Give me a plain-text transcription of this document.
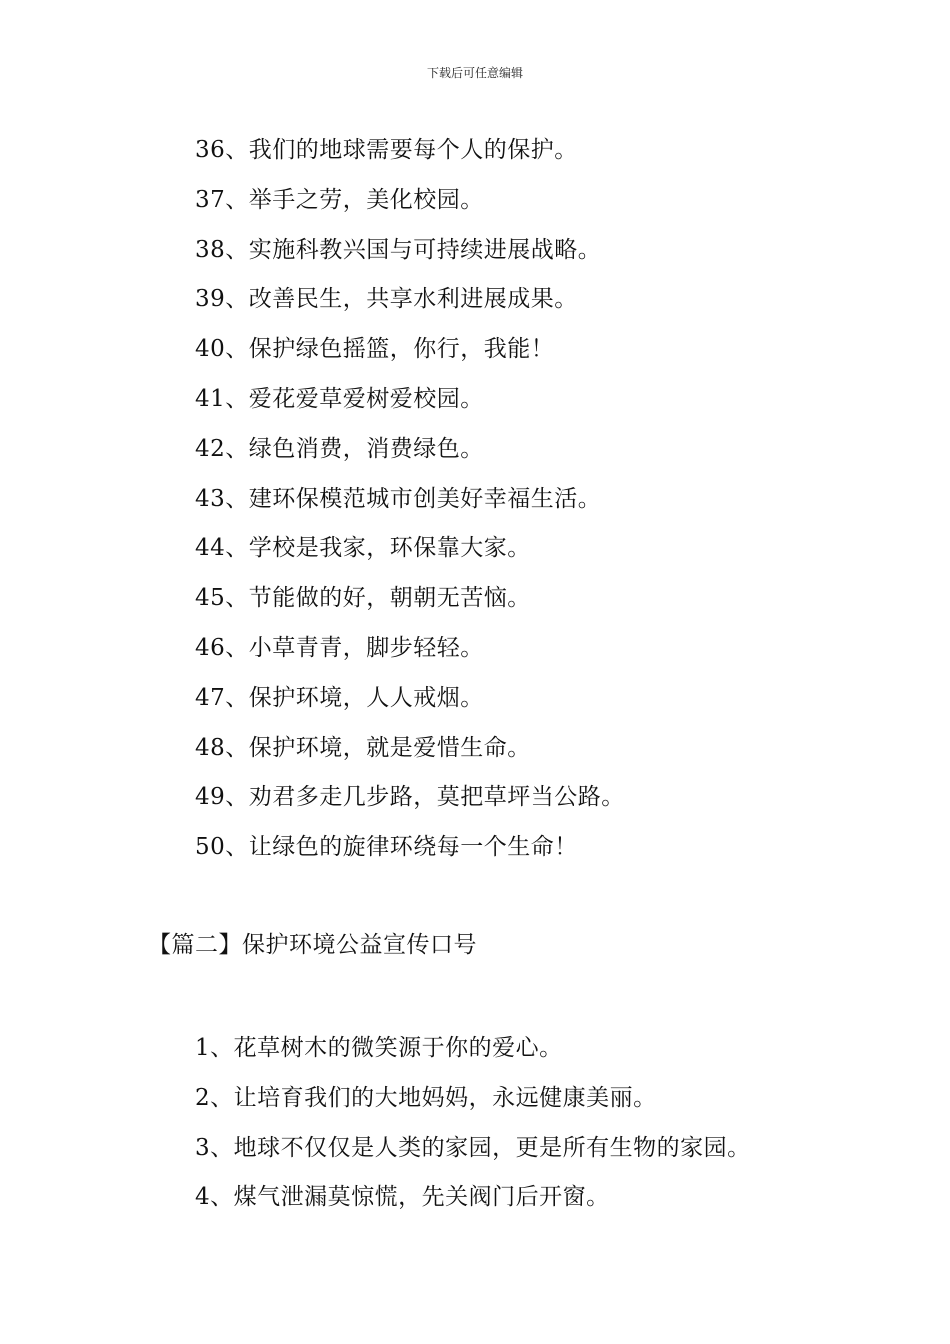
下载后可任意编辑
36、我们的地球需要每个人的保护。
37、举手之劳，美化校园。
38、实施科教兴国与可持续进展战略。
39、改善民生，共享水利进展成果。
40、保护绿色摇篮，你行，我能！
41、爱花爱草爱树爱校园。
42、绿色消费，消费绿色。
43、建环保模范城市创美好幸福生活。
44、学校是我家，环保靠大家。
45、节能做的好，朝朝无苦恼。
46、小草青青，脚步轻轻。
47、保护环境，人人戒烟。
48、保护环境，就是爱惜生命。
49、劝君多走几步路，莫把草坪当公路。
50、让绿色的旋律环绕每一个生命！
【篇二】保护环境公益宣传口号
1、花草树木的微笑源于你的爱心。
2、让培育我们的大地妈妈，永远健康美丽。
3、地球不仅仅是人类的家园，更是所有生物的家园。
4、煤气泄漏莫惊慌，先关阀门后开窗。
